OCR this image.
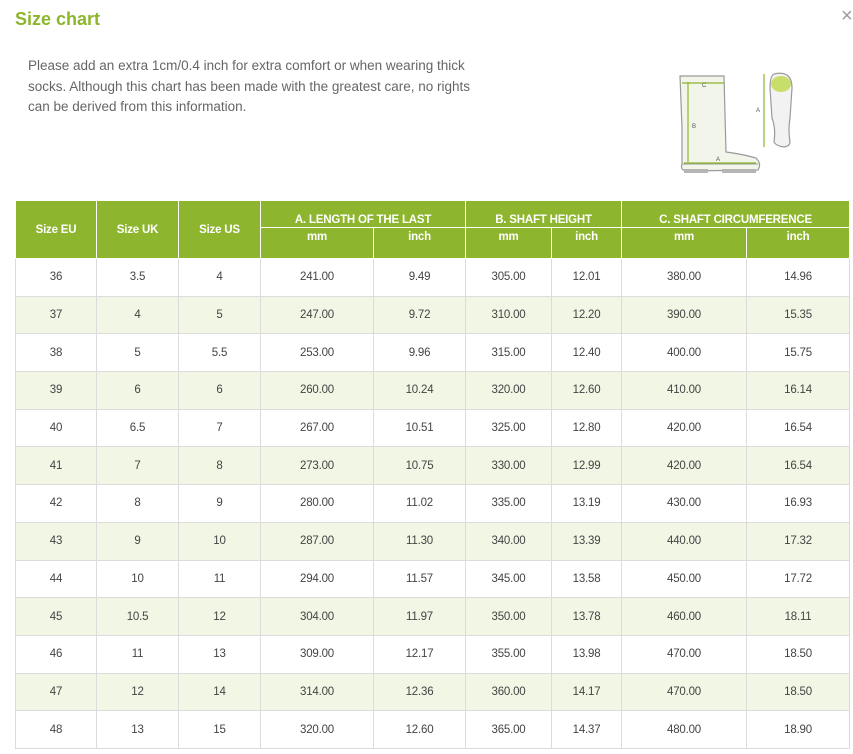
Size chart	×
Please add an extra 1cm/0.4 inch for extra comfort or when wearing thick socks. Although this chart has been made with the greatest care, no rights can be derived from this information.
C
B
A
A
Size EU	Size UK	Size US	A. LENGTH OF THE LAST		B. SHAFT HEIGHT		C. SHAFT CIRCUMFERENCE	
			mm	inch	mm	inch	mm	inch
36	3.5	4	241.00	9.49	305.00	12.01	380.00	14.96
37	4	5	247.00	9.72	310.00	12.20	390.00	15.35
38	5	5.5	253.00	9.96	315.00	12.40	400.00	15.75
39	6	6	260.00	10.24	320.00	12.60	410.00	16.14
40	6.5	7	267.00	10.51	325.00	12.80	420.00	16.54
41	7	8	273.00	10.75	330.00	12.99	420.00	16.54
42	8	9	280.00	11.02	335.00	13.19	430.00	16.93
43	9	10	287.00	11.30	340.00	13.39	440.00	17.32
44	10	11	294.00	11.57	345.00	13.58	450.00	17.72
45	10.5	12	304.00	11.97	350.00	13.78	460.00	18.11
46	11	13	309.00	12.17	355.00	13.98	470.00	18.50
47	12	14	314.00	12.36	360.00	14.17	470.00	18.50
48	13	15	320.00	12.60	365.00	14.37	480.00	18.90
